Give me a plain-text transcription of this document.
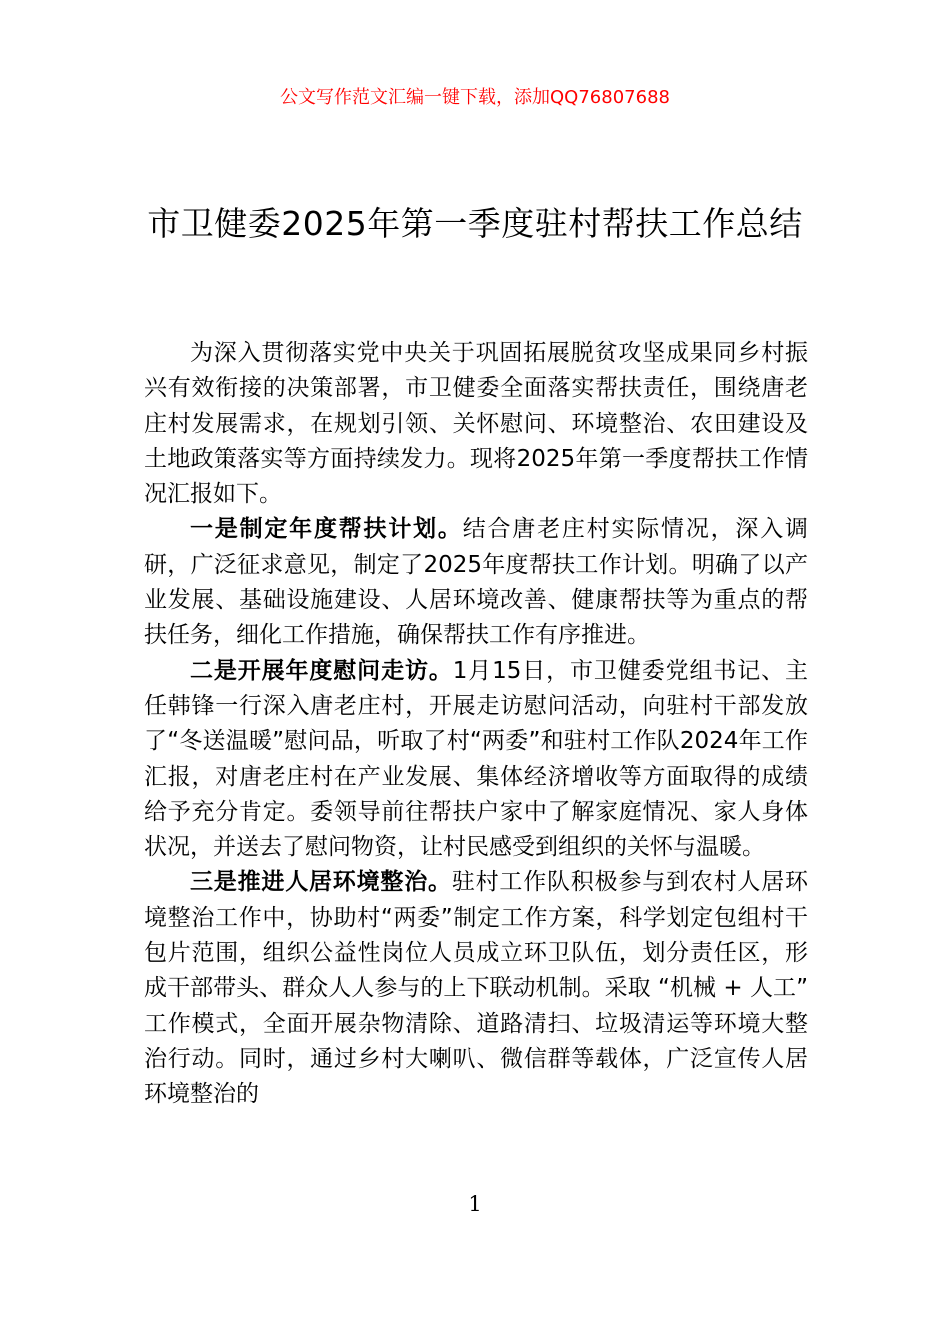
公文写作范文汇编一键下载，添加QQ76807688
市卫健委2025年第一季度驻村帮扶工作总结

为深入贯彻落实党中央关于巩固拓展脱贫攻坚成果同乡村振兴有效衔接的决策部署，市卫健委全面落实帮扶责任，围绕唐老庄村发展需求，在规划引领、关怀慰问、环境整治、农田建设及土地政策落实等方面持续发力。现将2025年第一季度帮扶工作情况汇报如下。

一是制定年度帮扶计划。结合唐老庄村实际情况，深入调研，广泛征求意见，制定了2025年度帮扶工作计划。明确了以产业发展、基础设施建设、人居环境改善、健康帮扶等为重点的帮扶任务，细化工作措施，确保帮扶工作有序推进。

二是开展年度慰问走访。1月15日，市卫健委党组书记、主任韩锋一行深入唐老庄村，开展走访慰问活动，向驻村干部发放了“冬送温暖”慰问品，听取了村“两委”和驻村工作队2024年工作汇报，对唐老庄村在产业发展、集体经济增收等方面取得的成绩给予充分肯定。委领导前往帮扶户家中了解家庭情况、家人身体状况，并送去了慰问物资，让村民感受到组织的关怀与温暖。

三是推进人居环境整治。驻村工作队积极参与到农村人居环境整治工作中，协助村“两委”制定工作方案，科学划定包组村干包片范围，组织公益性岗位人员成立环卫队伍，划分责任区，形成干部带头、群众人人参与的上下联动机制。采取 “机械 + 人工” 工作模式，全面开展杂物清除、道路清扫、垃圾清运等环境大整治行动。同时，通过乡村大喇叭、微信群等载体，广泛宣传人居环境整治的

1
